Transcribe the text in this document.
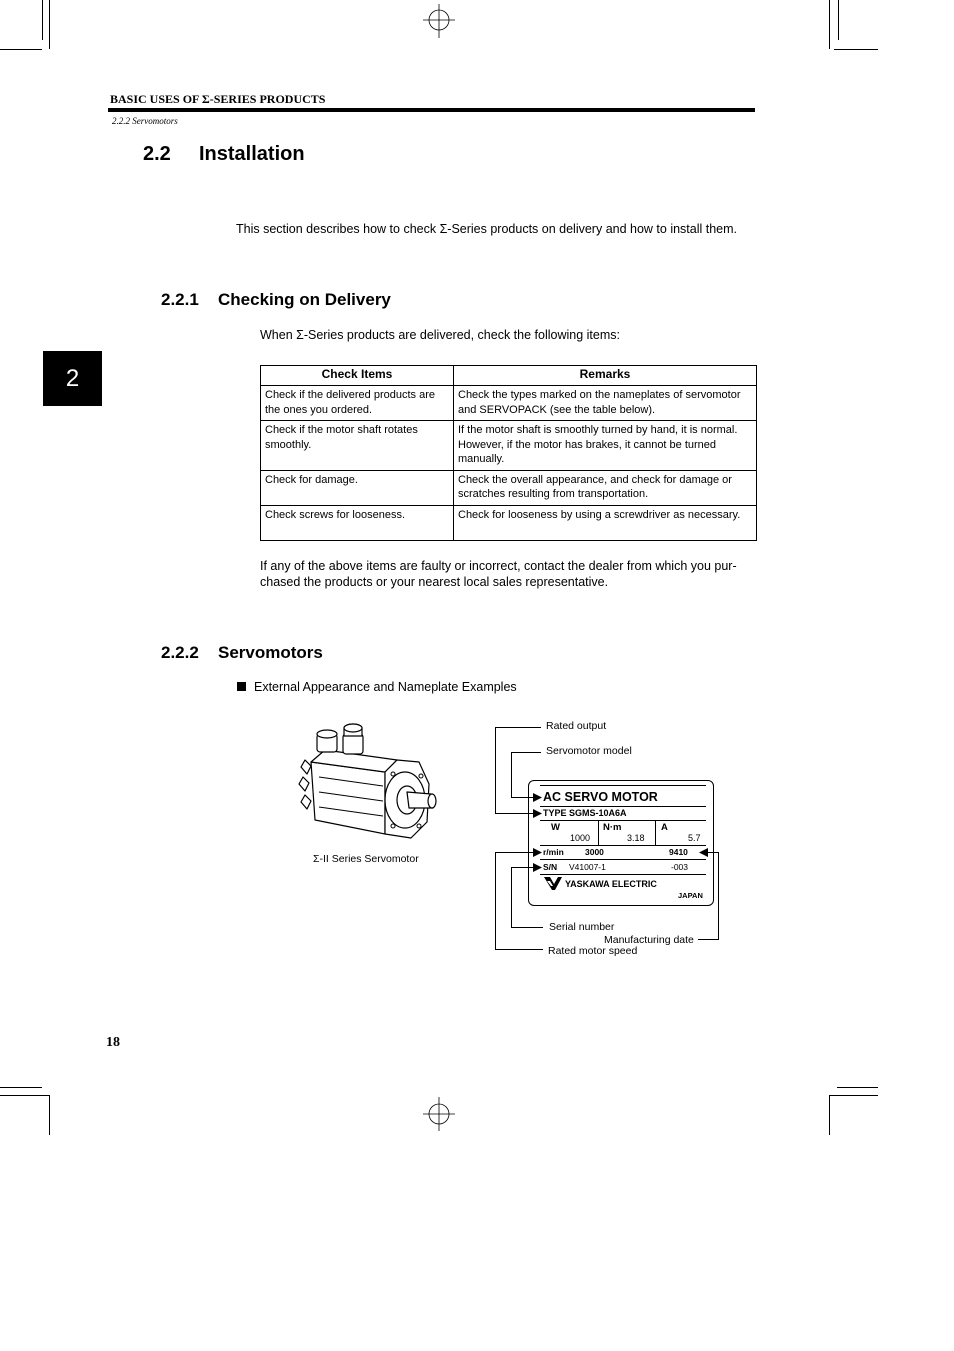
BASIC USES OF Σ-SERIES PRODUCTS
2.2.2 Servomotors
2.2 Installation
2
This section describes how to check Σ-Series products on delivery and how to install them.
2.2.1 Checking on Delivery
When Σ-Series products are delivered, check the following items:
Check Items	Remarks
Check if the delivered products are the ones you ordered.	Check the types marked on the nameplates of servomotor and SERVOPACK (see the table below).
Check if the motor shaft rotates smoothly.	If the motor shaft is smoothly turned by hand, it is normal. However, if the motor has brakes, it cannot be turned manually.
Check for damage.	Check the overall appearance, and check for damage or scratches resulting from transportation.
Check screws for looseness.	Check for looseness by using a screwdriver as necessary.
If any of the above items are faulty or incorrect, contact the dealer from which you pur-chased the products or your nearest local sales representative.
2.2.2 Servomotors
External Appearance and Nameplate Examples
Σ-II Series Servomotor
Rated output
Servomotor model
Serial number
Manufacturing date
Rated motor speed
AC SERVO MOTOR
TYPE SGMS-10A6A
W	N·m	A
1000	3.18	5.7
r/min 3000	9410
S/N V41007-1	-003
YASKAWA ELECTRIC
JAPAN
18
